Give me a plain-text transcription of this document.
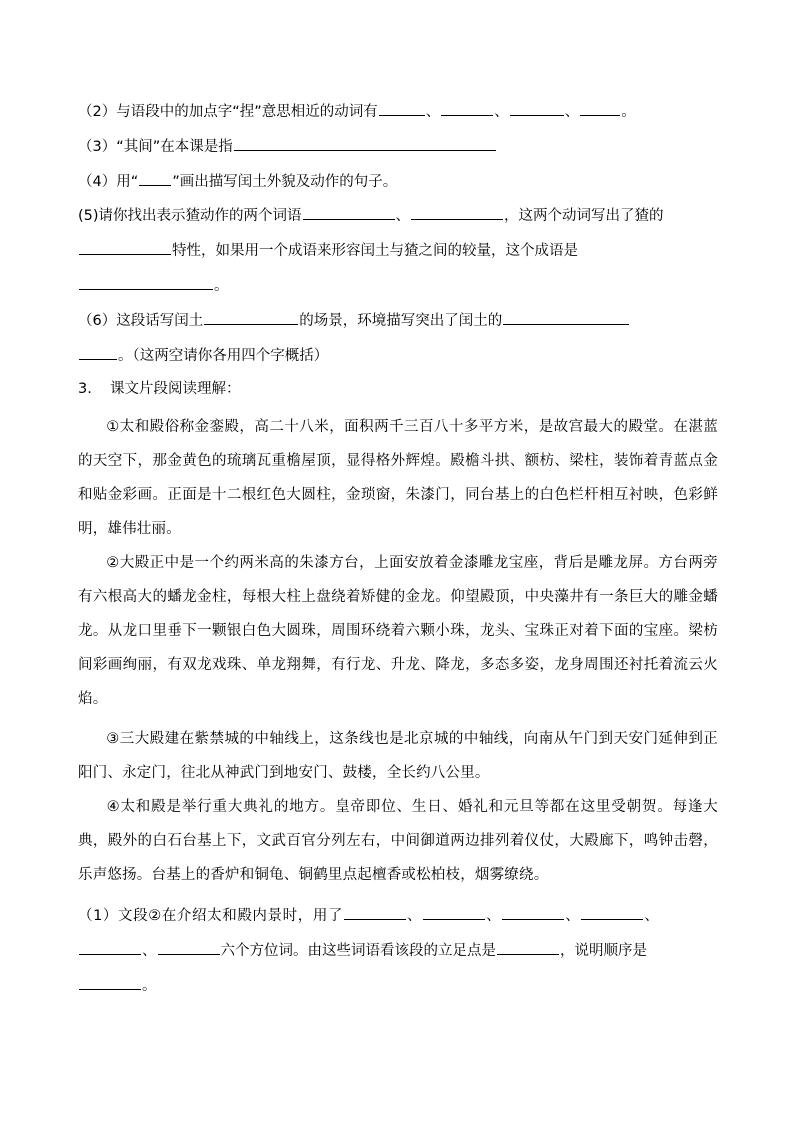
（2）与语段中的加点字“捏”意思相近的动词有	、	、	、	。
（3）“其间”在本课是指
（4）用“ ”画出描写闰土外貌及动作的句子。
(5)请你找出表示猹动作的两个词语	、	，这两个动词写出了猹的
特性，如果用一个成语来形容闰土与猹之间的较量，这个成语是
。
（6）这段话写闰土	的场景，环境描写突出了闰土的
。（这两空请你各用四个字概括）
3. 课文片段阅读理解：
①太和殿俗称金銮殿，高二十八米，面积两千三百八十多平方米，是故宫最大的殿堂。在湛蓝的天空下，那金黄色的琉璃瓦重檐屋顶，显得格外辉煌。殿檐斗拱、额枋、梁柱，装饰着青蓝点金和贴金彩画。正面是十二根红色大圆柱，金琐窗，朱漆门，同台基上的白色栏杆相互衬映，色彩鲜明，雄伟壮丽。
②大殿正中是一个约两米高的朱漆方台，上面安放着金漆雕龙宝座，背后是雕龙屏。方台两旁有六根高大的蟠龙金柱，每根大柱上盘绕着矫健的金龙。仰望殿顶，中央藻井有一条巨大的雕金蟠龙。从龙口里垂下一颗银白色大圆珠，周围环绕着六颗小珠，龙头、宝珠正对着下面的宝座。梁枋间彩画绚丽，有双龙戏珠、单龙翔舞，有行龙、升龙、降龙，多态多姿，龙身周围还衬托着流云火焰。
③三大殿建在紫禁城的中轴线上，这条线也是北京城的中轴线，向南从午门到天安门延伸到正阳门、永定门，往北从神武门到地安门、鼓楼，全长约八公里。
④太和殿是举行重大典礼的地方。皇帝即位、生日、婚礼和元旦等都在这里受朝贺。每逢大典，殿外的白石台基上下，文武百官分列左右，中间御道两边排列着仪仗，大殿廊下，鸣钟击磬，乐声悠扬。台基上的香炉和铜龟、铜鹤里点起檀香或松柏枝，烟雾缭绕。
（1）文段②在介绍太和殿内景时，用了	、	、	、	、
、	六个方位词。由这些词语看该段的立足点是	，说明顺序是
。
